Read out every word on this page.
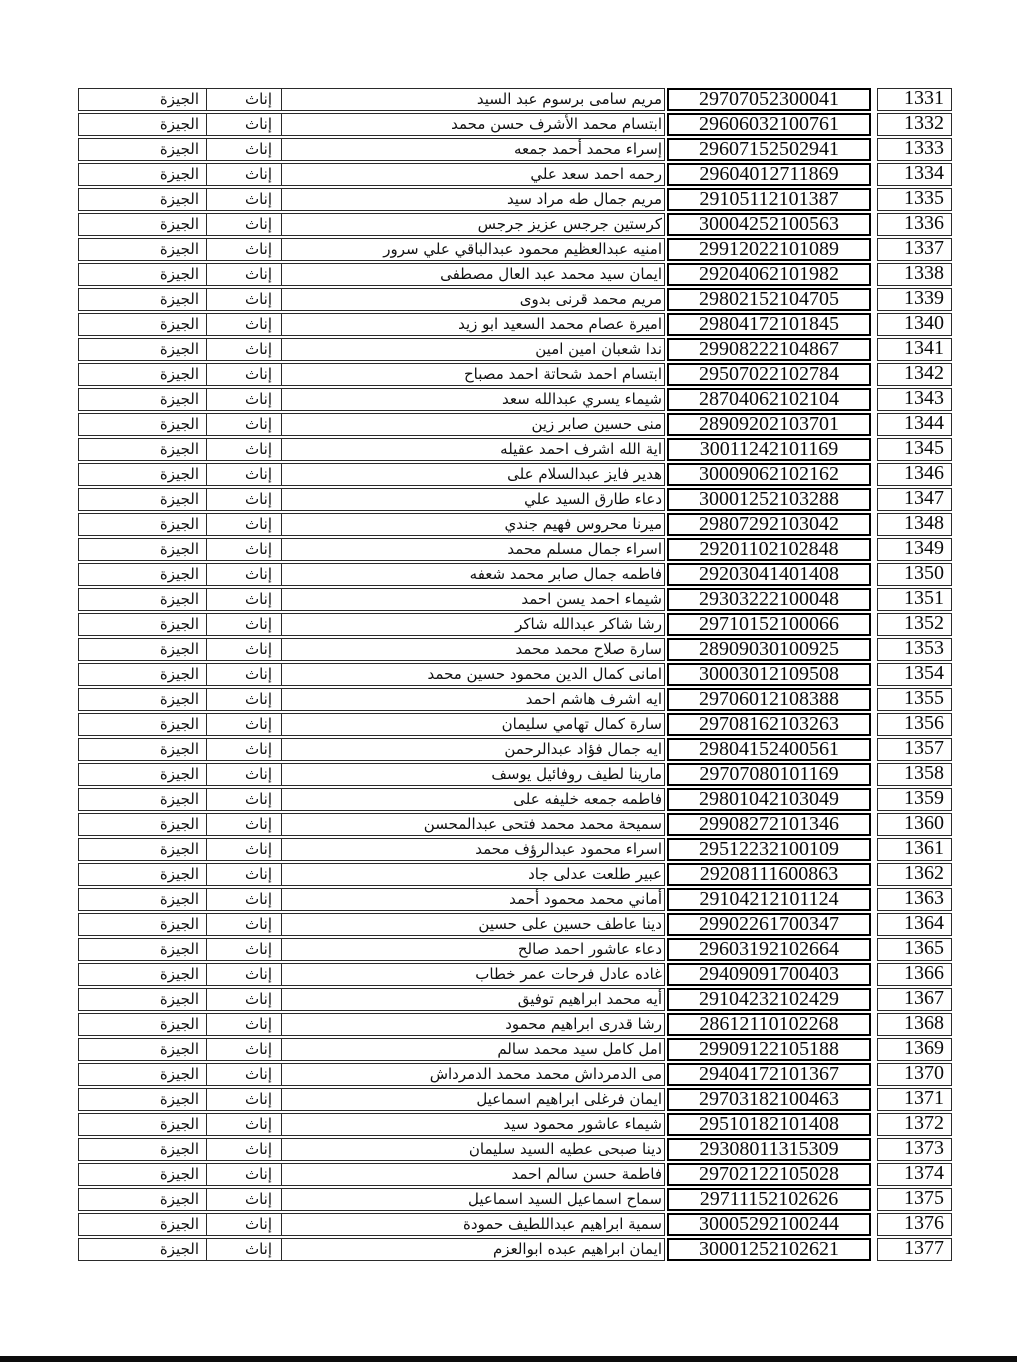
الجيزة	إناث	مريم سامى برسوم عبد السيد	29707052300041	1331
الجيزة	إناث	ابتسام محمد الأشرف حسن محمد	29606032100761	1332
الجيزة	إناث	إسراء محمد أحمد جمعه	29607152502941	1333
الجيزة	إناث	رحمه احمد سعد علي	29604012711869	1334
الجيزة	إناث	مريم جمال طه مراد سيد	29105112101387	1335
الجيزة	إناث	كرستين جرجس عزيز جرجس	30004252100563	1336
الجيزة	إناث	امنيه عبدالعظيم محمود عبدالباقي علي سرور	29912022101089	1337
الجيزة	إناث	ايمان سيد محمد عبد العال مصطفى	29204062101982	1338
الجيزة	إناث	مريم محمد قرنى بدوى	29802152104705	1339
الجيزة	إناث	اميرة عصام محمد السعيد ابو زيد	29804172101845	1340
الجيزة	إناث	ندا شعبان امين امين	29908222104867	1341
الجيزة	إناث	ابتسام احمد شحاتة احمد مصباح	29507022102784	1342
الجيزة	إناث	شيماء يسري عبدالله سعد	28704062102104	1343
الجيزة	إناث	منى حسين صابر زين	28909202103701	1344
الجيزة	إناث	اية الله اشرف احمد عقيله	30011242101169	1345
الجيزة	إناث	هدير فايز عبدالسلام على	30009062102162	1346
الجيزة	إناث	دعاء طارق السيد علي	30001252103288	1347
الجيزة	إناث	ميرنا محروس فهيم جندي	29807292103042	1348
الجيزة	إناث	اسراء جمال مسلم محمد	29201102102848	1349
الجيزة	إناث	فاطمه جمال صابر محمد شعفه	29203041401408	1350
الجيزة	إناث	شيماء احمد يسن احمد	29303222100048	1351
الجيزة	إناث	رشا شاكر عبدالله شاكر	29710152100066	1352
الجيزة	إناث	سارة صلاح محمد محمد	28909030100925	1353
الجيزة	إناث	امانى كمال الدين محمود حسين محمد	30003012109508	1354
الجيزة	إناث	ايه اشرف هاشم احمد	29706012108388	1355
الجيزة	إناث	سارة كمال تهامي سليمان	29708162103263	1356
الجيزة	إناث	ايه جمال فؤاد عبدالرحمن	29804152400561	1357
الجيزة	إناث	مارينا لطيف روفائيل يوسف	29707080101169	1358
الجيزة	إناث	فاطمه جمعه خليفه على	29801042103049	1359
الجيزة	إناث	سميحة محمد محمد فتحى عبدالمحسن	29908272101346	1360
الجيزة	إناث	اسراء محمود عبدالرؤف محمد	29512232100109	1361
الجيزة	إناث	عبير طلعت عدلى جاد	29208111600863	1362
الجيزة	إناث	أماني محمد محمود أحمد	29104212101124	1363
الجيزة	إناث	دينا عاطف حسين على حسين	29902261700347	1364
الجيزة	إناث	دعاء عاشور احمد صالح	29603192102664	1365
الجيزة	إناث	غاده عادل فرحات عمر خطاب	29409091700403	1366
الجيزة	إناث	أيه محمد ابراهيم توفيق	29104232102429	1367
الجيزة	إناث	رشا قدرى ابراهيم محمود	28612110102268	1368
الجيزة	إناث	امل كامل سيد محمد سالم	29909122105188	1369
الجيزة	إناث	مى الدمرداش محمد محمد الدمرداش	29404172101367	1370
الجيزة	إناث	ايمان فرغلى ابراهيم اسماعيل	29703182100463	1371
الجيزة	إناث	شيماء عاشور محمود سيد	29510182101408	1372
الجيزة	إناث	دينا صبحى عطيه السيد سليمان	29308011315309	1373
الجيزة	إناث	فاطمة حسن سالم احمد	29702122105028	1374
الجيزة	إناث	سماح اسماعيل السيد اسماعيل	29711152102626	1375
الجيزة	إناث	سمية ابراهيم عبداللطيف حمودة	30005292100244	1376
الجيزة	إناث	ايمان ابراهيم عبده ابوالعزم	30001252102621	1377
